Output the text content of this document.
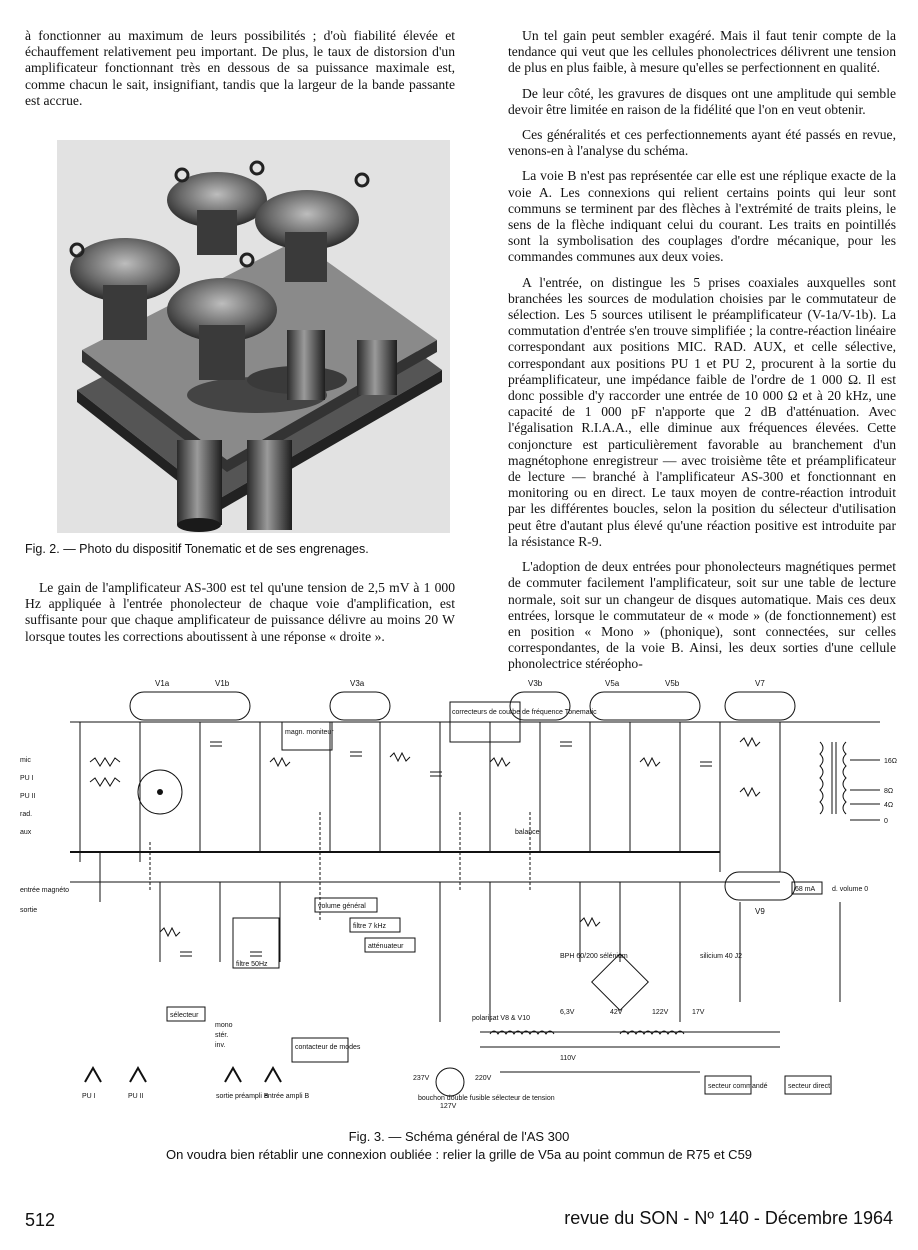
à fonctionner au maximum de leurs possibilités ; d'où fiabilité élevée et échauffement relativement peu important. De plus, le taux de distorsion d'un amplificateur fonctionnant très en dessous de sa puissance maximale est, comme chacun le sait, insignifiant, tandis que la largeur de la bande passante est accrue.

Fig. 2. — Photo du dispositif Tonematic et de ses engrenages.

Le gain de l'amplificateur AS-300 est tel qu'une tension de 2,5 mV à 1 000 Hz appliquée à l'entrée phonolecteur de chaque voie d'amplification, est suffisante pour que chaque amplificateur de puissance délivre au moins 20 W lorsque toutes les corrections aboutissent à une réponse « droite ».

Un tel gain peut sembler exagéré. Mais il faut tenir compte de la tendance qui veut que les cellules phonolectrices délivrent une tension de plus en plus faible, à mesure qu'elles se perfectionnent en qualité.

De leur côté, les gravures de disques ont une amplitude qui semble devoir être limitée en raison de la fidélité que l'on en veut obtenir.

Ces généralités et ces perfectionnements ayant été passés en revue, venons-en à l'analyse du schéma.

La voie B n'est pas représentée car elle est une réplique exacte de la voie A. Les connexions qui relient certains points qui leur sont communs se terminent par des flèches à l'extrémité de traits pleins, le sens de la flèche indiquant celui du courant. Les traits en pointillés sont la symbolisation des couplages d'ordre mécanique, pour les commandes communes aux deux voies.

A l'entrée, on distingue les 5 prises coaxiales auxquelles sont branchées les sources de modulation choisies par le commutateur de sélection. Les 5 sources utilisent le préamplificateur (V-1a/V-1b). La commutation d'entrée s'en trouve simplifiée ; la contre-réaction linéaire correspondant aux positions MIC. RAD. AUX, et celle sélective, correspondant aux positions PU 1 et PU 2, procurent à la sortie du préamplificateur, une impédance faible de l'ordre de 1 000 Ω. Il est donc possible d'y raccorder une entrée de 10 000 Ω et à 20 kHz, une capacité de 1 000 pF n'apporte que 2 dB d'atténuation. Avec l'égalisation R.I.A.A., elle diminue aux fréquences élevées. Cette conjoncture est particulièrement favorable au branchement d'un magnétophone enregistreur — avec troisième tête et préamplificateur de lecture — branché à l'amplificateur AS-300 et fonctionnant en monitoring ou en direct. Le taux moyen de contre-réaction introduit par les différentes boucles, selon la position du sélecteur d'utilisation peut être d'autant plus élevé qu'une réaction positive est introduite par la résistance R-9.

L'adoption de deux entrées pour phonolecteurs magnétiques permet de commuter facilement l'amplificateur, soit sur une table de lecture normale, soit sur un changeur de disques automatique. Mais ces deux entrées, lorsque le commutateur de « mode » (de fonctionnement) est en position « Mono » (phonique), sont connectées, sur celles correspondantes, de la voie B. Ainsi, les deux sorties d'une cellule phonolectrice stéréopho-

V1a	V1b	V3a	V3b	V5a	V5b	V7
V9
mic
PU I
PU II
rad.
aux
entrée magnéto
sortie
16Ω
8Ω
4Ω
0
magn. moniteur
correcteurs de courbe de fréquence Tonematic
volume général
filtre 7 kHz
atténuateur
filtre 50Hz
sélecteur
contacteur de modes
balance
BPH 60/200 sélénium	silicium 40 J2
bouchon double fusible sélecteur de tension
secteur commandé	secteur direct
d. volume 0
68 mA
PU I	PU II	sortie préampli B
entrée ampli B
mono
stér.
inv.
polarisat V8 & V10
237V
127V
220V
110V
6,3V	42V	122V	17V
Fig. 3. — Schéma général de l'AS 300
On voudra bien rétablir une connexion oubliée : relier la grille de V5a au point commun de R75 et C59
512	revue du SON - Nº 140 - Décembre 1964
